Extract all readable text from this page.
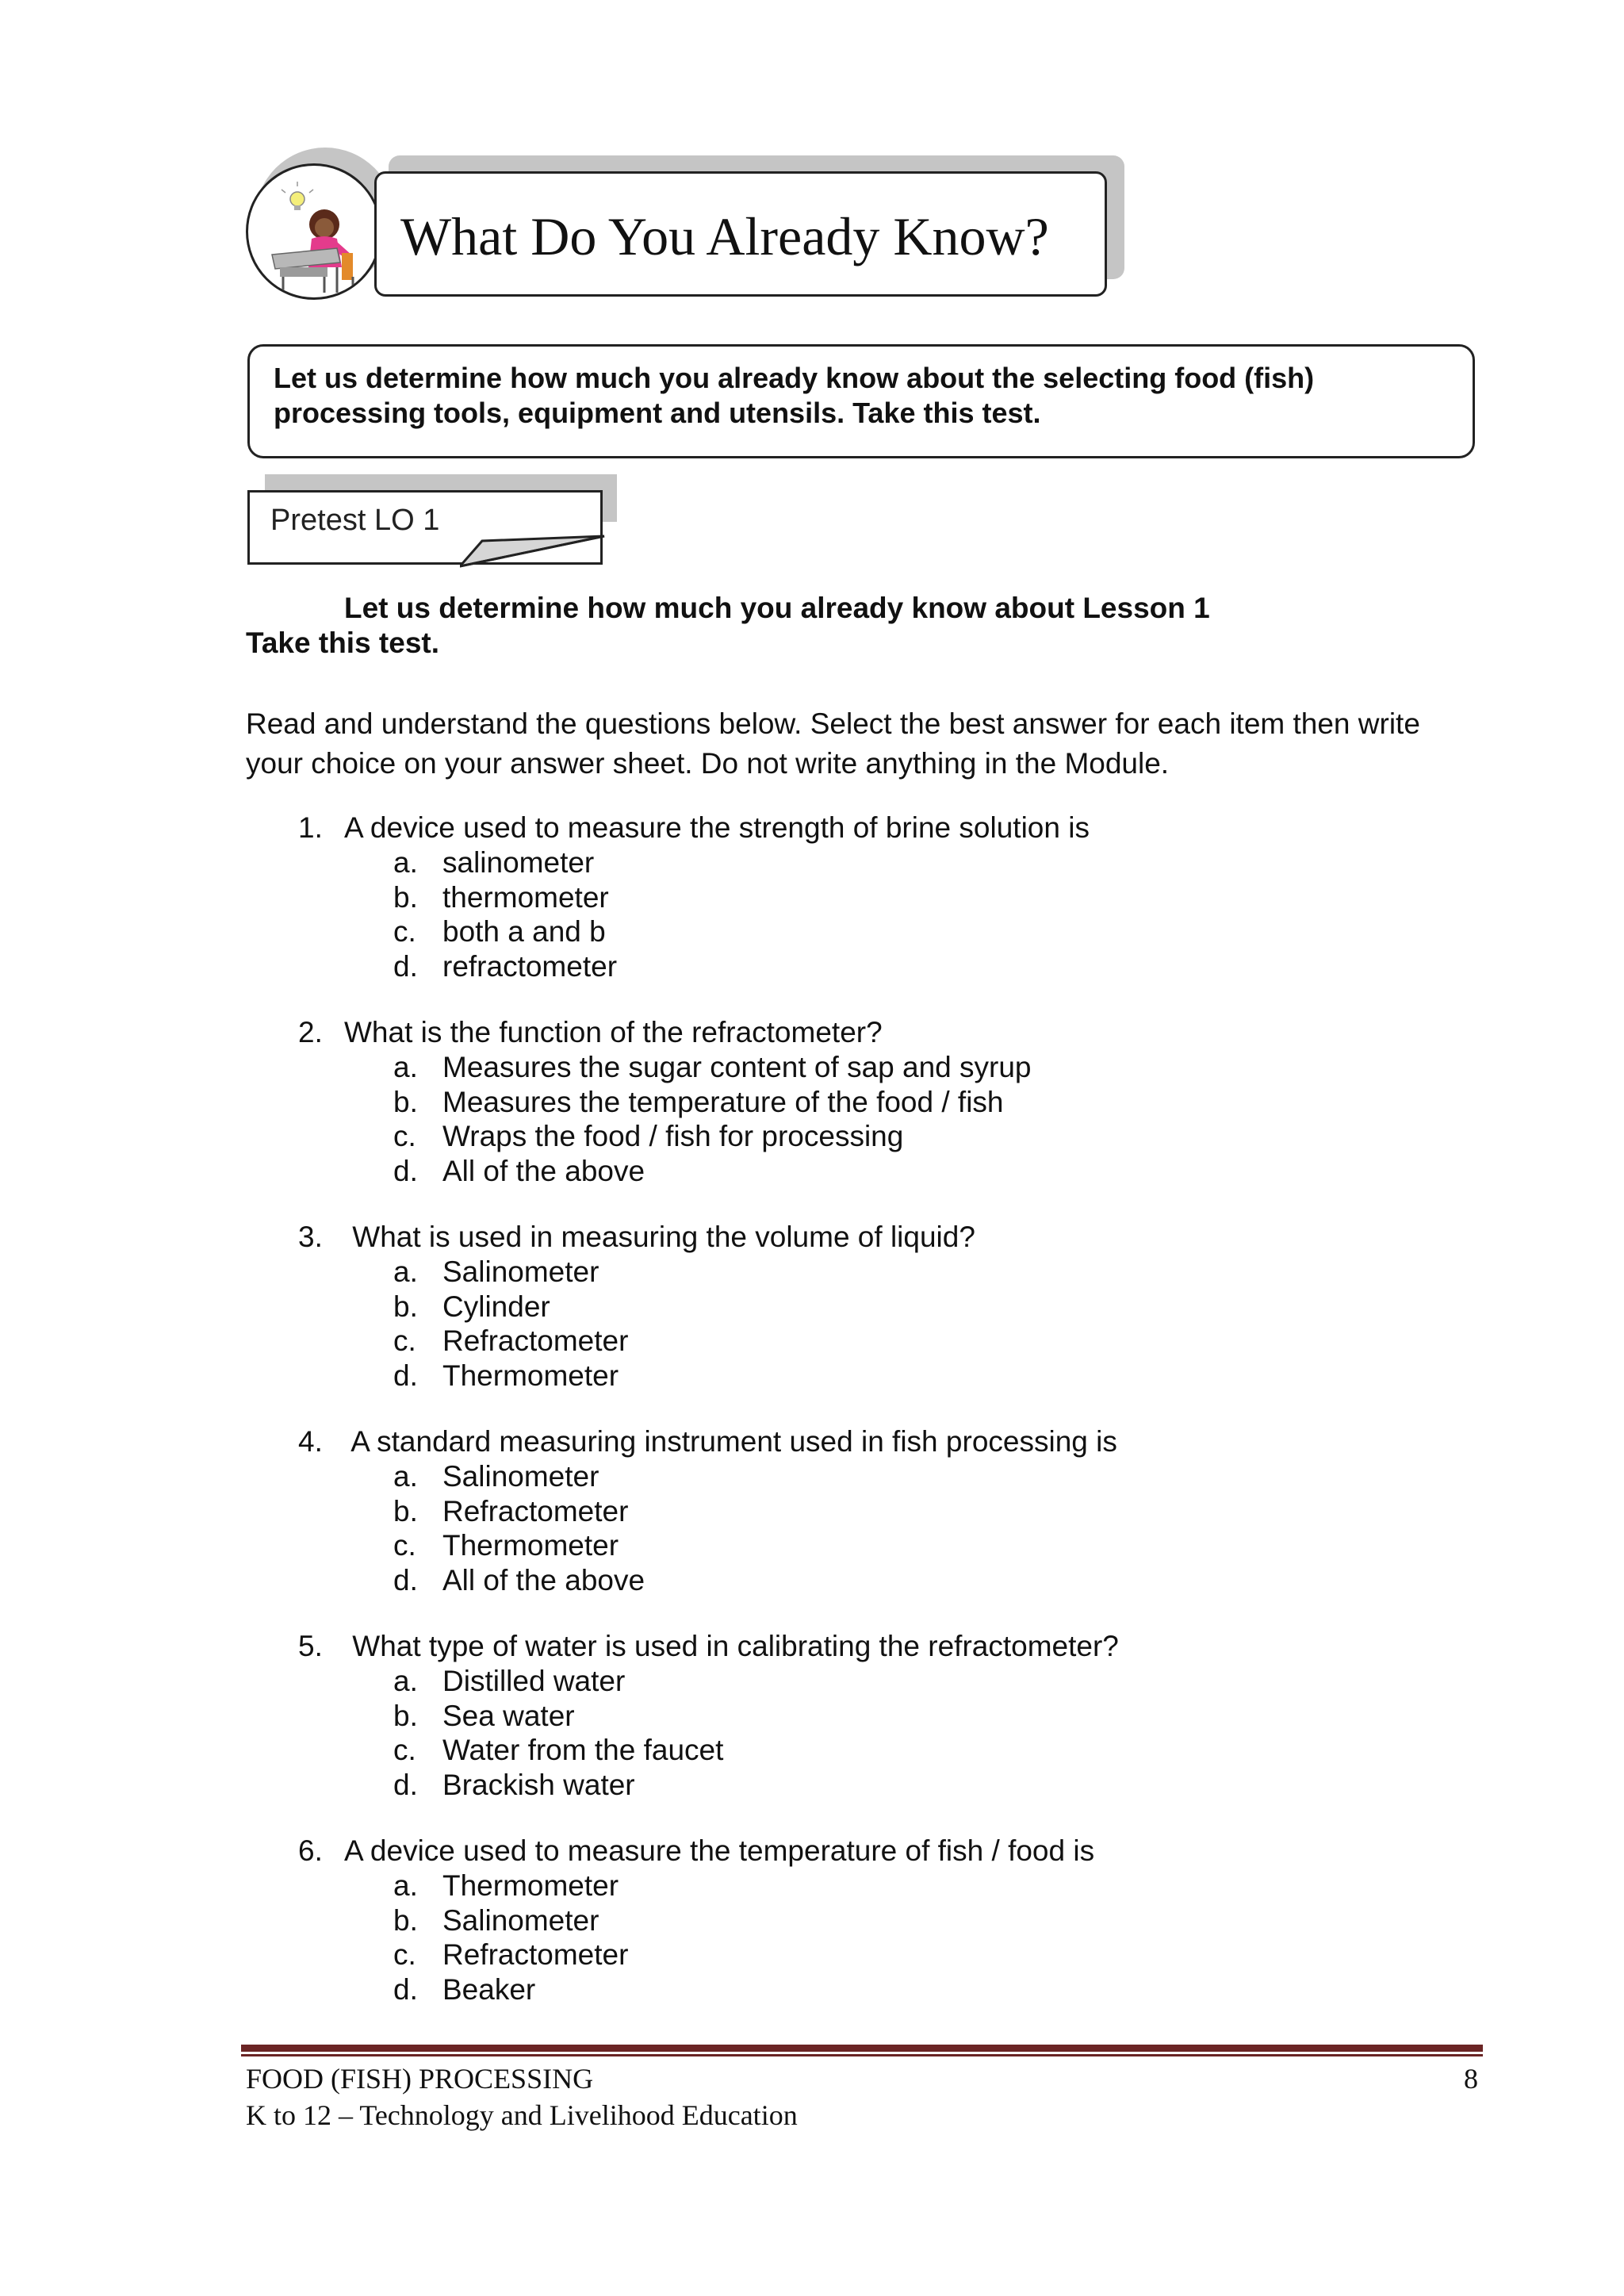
What Do You Already Know?
Let us determine how much you already know about the selecting food (fish) processing tools, equipment and utensils. Take this test.
Pretest LO 1
Let us determine how much you already know about Lesson 1
Take this test.
Read and understand the questions below. Select the best answer for each item then write your choice on your answer sheet. Do not write anything in the Module.
1. A device used to measure the strength of brine solution is
a. salinometer
b. thermometer
c. both a and b
d. refractometer
2. What is the function of the refractometer?
a. Measures the sugar content of sap and syrup
b. Measures the temperature of the food / fish
c. Wraps the food / fish for processing
d. All of the above
3. What is used in measuring the volume of liquid?
a. Salinometer
b. Cylinder
c. Refractometer
d. Thermometer
4. A standard measuring instrument used in fish processing is
a. Salinometer
b. Refractometer
c. Thermometer
d. All of the above
5. What type of water is used in calibrating the refractometer?
a. Distilled water
b. Sea water
c. Water from the faucet
d. Brackish water
6. A device used to measure the temperature of fish / food is
a. Thermometer
b. Salinometer
c. Refractometer
d. Beaker
FOOD (FISH) PROCESSING
K to 12 – Technology and Livelihood Education
8
